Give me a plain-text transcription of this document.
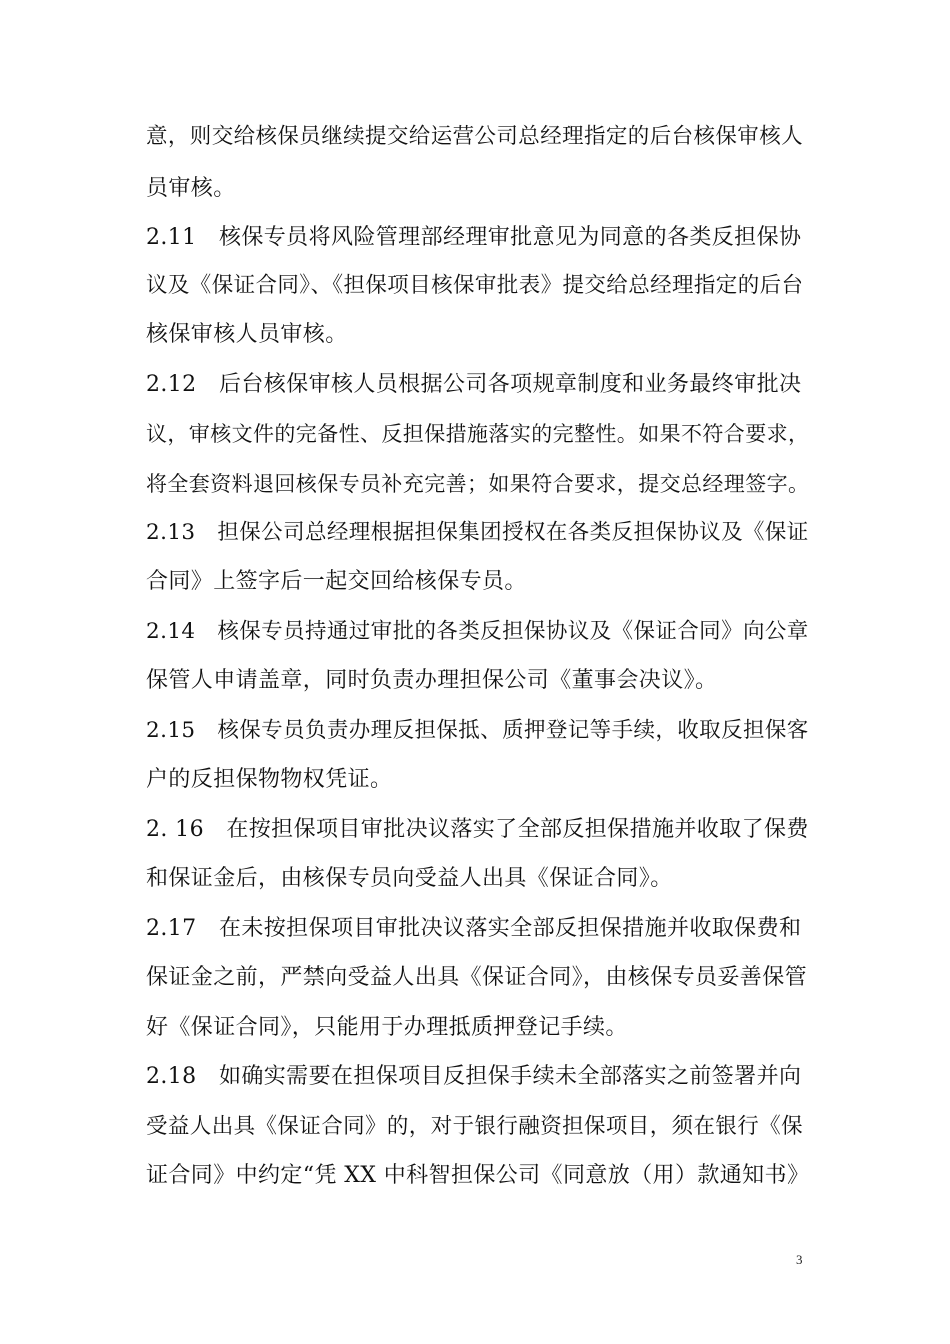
意，则交给核保员继续提交给运营公司总经理指定的后台核保审核人
员审核。
2.11　核保专员将风险管理部经理审批意见为同意的各类反担保协
议及《保证合同》、《担保项目核保审批表》提交给总经理指定的后台
核保审核人员审核。
2.12　后台核保审核人员根据公司各项规章制度和业务最终审批决
议，审核文件的完备性、反担保措施落实的完整性。如果不符合要求，
将全套资料退回核保专员补充完善；如果符合要求，提交总经理签字。
2.13　担保公司总经理根据担保集团授权在各类反担保协议及《保证
合同》上签字后一起交回给核保专员。
2.14　核保专员持通过审批的各类反担保协议及《保证合同》向公章
保管人申请盖章，同时负责办理担保公司《董事会决议》。
2.15　核保专员负责办理反担保抵、质押登记等手续，收取反担保客
户的反担保物物权凭证。
2. 16　在按担保项目审批决议落实了全部反担保措施并收取了保费
和保证金后，由核保专员向受益人出具《保证合同》。
2.17　在未按担保项目审批决议落实全部反担保措施并收取保费和
保证金之前，严禁向受益人出具《保证合同》，由核保专员妥善保管
好《保证合同》，只能用于办理抵质押登记手续。
2.18　如确实需要在担保项目反担保手续未全部落实之前签署并向
受益人出具《保证合同》的，对于银行融资担保项目，须在银行《保
证合同》中约定“凭 XX 中科智担保公司《同意放（用）款通知书》
3
